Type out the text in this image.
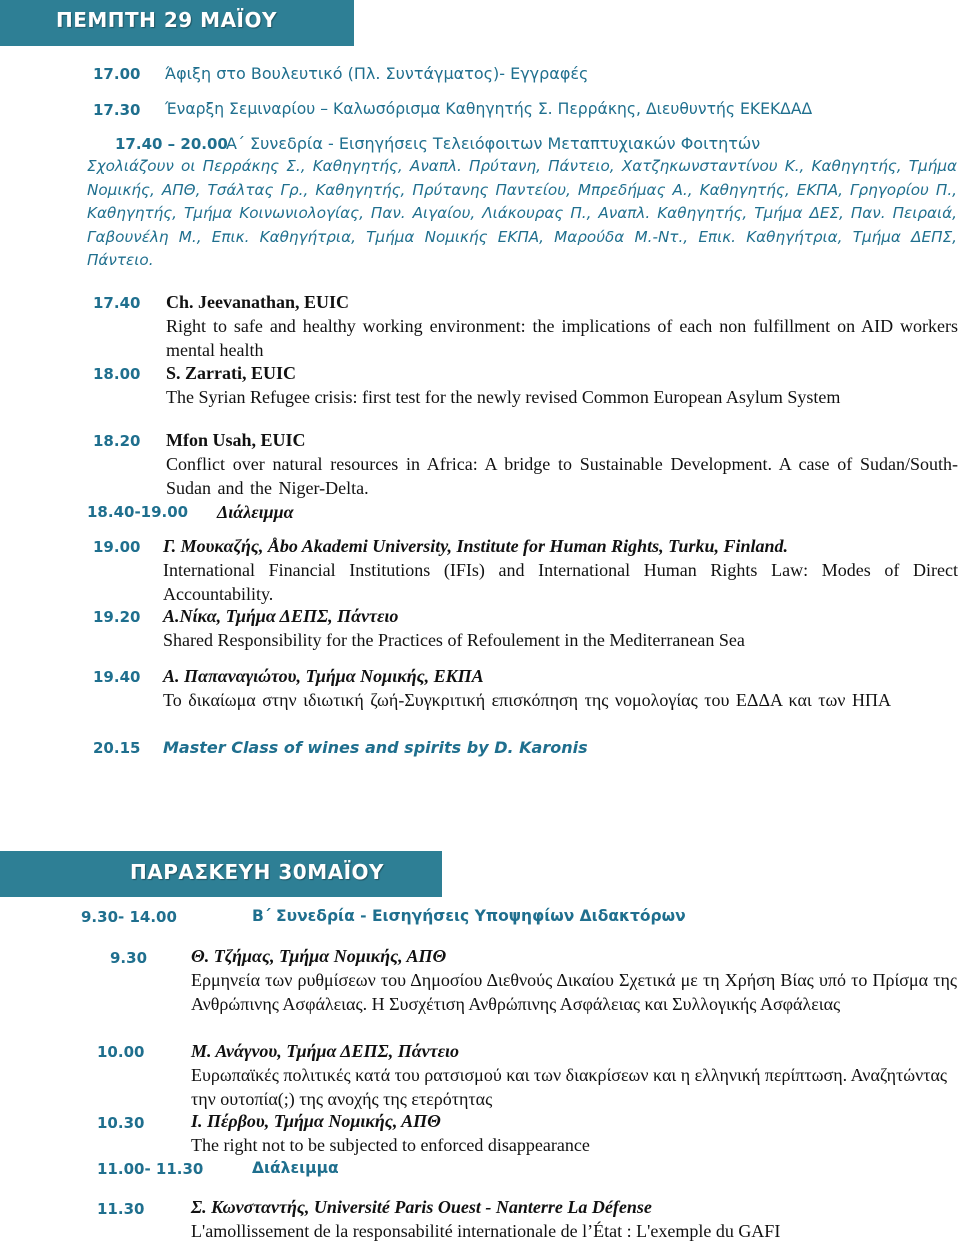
ΠΕΜΠΤΗ 29 ΜΑΪΟΥ
17.00 Άφιξη στο Βουλευτικό (Πλ. Συντάγματος)- Εγγραφές
17.30 Έναρξη Σεμιναρίου – Καλωσόρισμα Καθηγητής Σ. Περράκης, Διευθυντής ΕΚΕΚΔΑΔ
17.40 – 20.00
Α΄ Συνεδρία - Εισηγήσεις Τελειόφοιτων Μεταπτυχιακών Φοιτητών
Σχολιάζουν οι Περράκης Σ., Καθηγητής, Αναπλ. Πρύτανη, Πάντειο, Χατζηκωνσταντίνου Κ., Καθηγητής, Τμήμα Νομικής, ΑΠΘ, Τσάλτας Γρ., Καθηγητής, Πρύτανης Παντείου, Μπρεδήμας Α., Καθηγητής, ΕΚΠΑ, Γρηγορίου Π., Καθηγητής, Τμήμα Κοινωνιολογίας, Παν. Αιγαίου, Λιάκουρας Π., Αναπλ. Καθηγητής, Τμήμα ΔΕΣ, Παν. Πειραιά, Γαβουνέλη Μ., Επικ. Καθηγήτρια, Τμήμα Νομικής ΕΚΠΑ, Μαρούδα Μ.-Ντ., Επικ. Καθηγήτρια, Τμήμα ΔΕΠΣ, Πάντειο.
17.40 Ch. Jeevanathan, EUIC
Right to safe and healthy working environment: the implications of each non fulfillment on AID workers mental health
18.00 S. Zarrati, EUIC
The Syrian Refugee crisis: first test for the newly revised Common European Asylum System
18.20 Mfon Usah, EUIC
Conflict over natural resources in Africa: A bridge to Sustainable Development. A case of Sudan/South-Sudan and the Niger-Delta.
18.40-19.00 Διάλειμμα
19.00 Γ. Μουκαζής, Åbo Akademi University, Institute for Human Rights, Turku, Finland.
International Financial Institutions (IFIs) and International Human Rights Law: Modes of Direct Accountability.
19.20 Α.Νίκα, Τμήμα ΔΕΠΣ, Πάντειο
Shared Responsibility for the Practices of Refoulement in the Mediterranean Sea
19.40 Α. Παπαναγιώτου, Τμήμα Νομικής, ΕΚΠΑ
Το δικαίωμα στην ιδιωτική ζωή-Συγκριτική επισκόπηση της νομολογίας του ΕΔΔΑ και των ΗΠΑ
20.15 Master Class of wines and spirits by D. Karonis
ΠΑΡΑΣΚΕΥΗ 30ΜΑΪΟΥ
9.30- 14.00	Β΄ Συνεδρία - Εισηγήσεις Υποψηφίων Διδακτόρων
9.30 Θ. Τζήμας, Τμήμα Νομικής, ΑΠΘ
Ερμηνεία των ρυθμίσεων του Δημοσίου Διεθνούς Δικαίου Σχετικά με τη Χρήση Βίας υπό το Πρίσμα της Ανθρώπινης Ασφάλειας. Η Συσχέτιση Ανθρώπινης Ασφάλειας και Συλλογικής Ασφάλειας
10.00	Μ. Ανάγνου, Τμήμα ΔΕΠΣ, Πάντειο
Ευρωπαϊκές πολιτικές κατά του ρατσισμού και των διακρίσεων και η ελληνική περίπτωση. Αναζητώντας την ουτοπία(;) της ανοχής της ετερότητας
10.30	Ι. Πέρβου, Τμήμα Νομικής, ΑΠΘ
The right not to be subjected to enforced disappearance
11.00- 11.30	Διάλειμμα
11.30	Σ. Κωνσταντής, Université Paris Ouest - Nanterre La Défense
L'amollissement de la responsabilité internationale de l’État : L'exemple du GAFI
